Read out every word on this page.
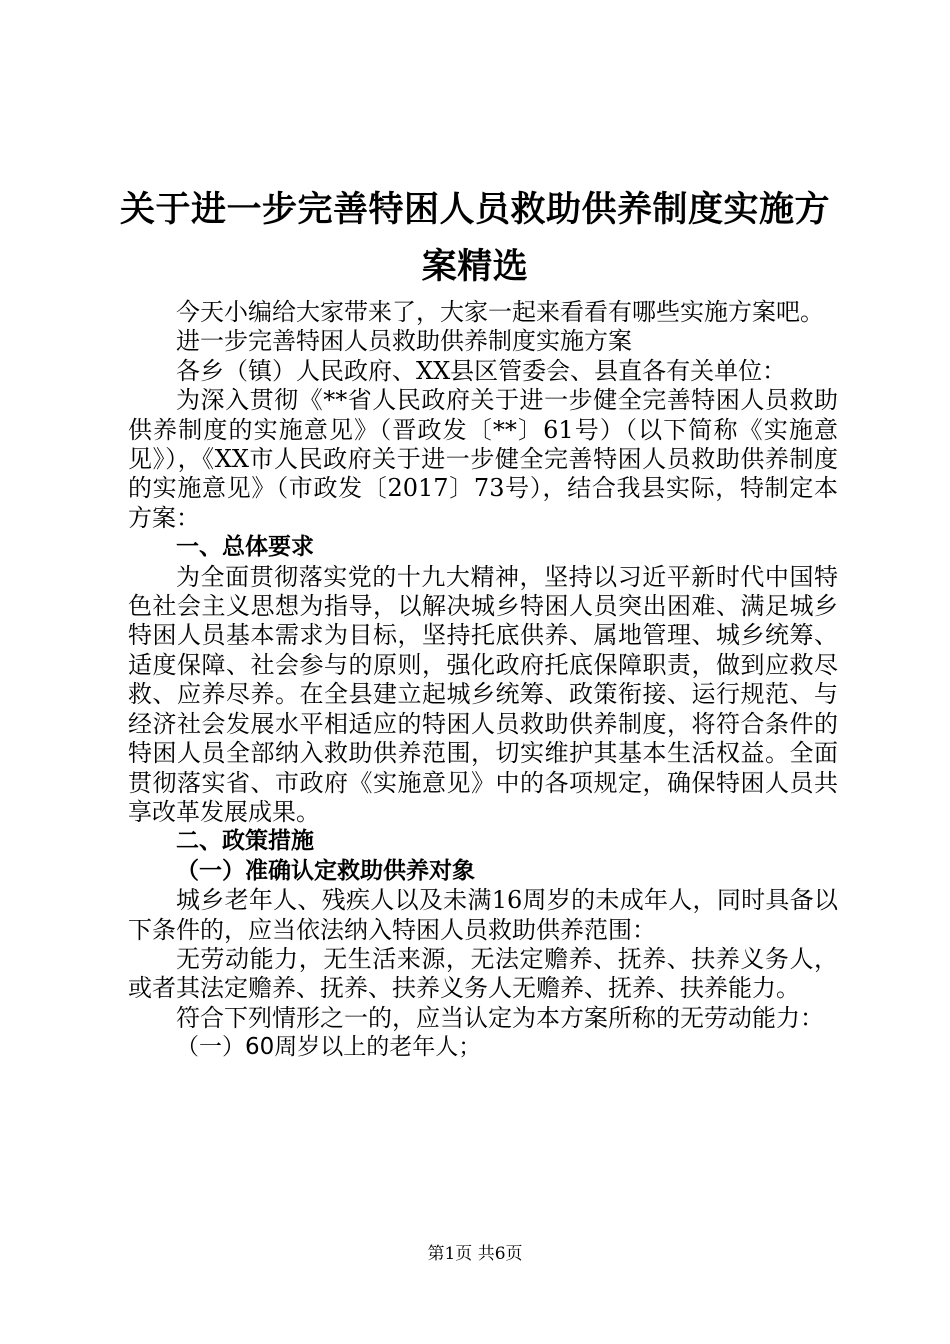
关于进一步完善特困人员救助供养制度实施方
案精选

今天小编给大家带来了，大家一起来看看有哪些实施方案吧。

进一步完善特困人员救助供养制度实施方案

各乡（镇）人民政府、XX县区管委会、县直各有关单位：

为深入贯彻《**省人民政府关于进一步健全完善特困人员救助供养制度的实施意见》（晋政发〔**〕61号）（以下简称《实施意见》），《XX市人民政府关于进一步健全完善特困人员救助供养制度的实施意见》（市政发〔2017〕73号），结合我县实际，特制定本方案：

一、总体要求

为全面贯彻落实党的十九大精神，坚持以习近平新时代中国特色社会主义思想为指导，以解决城乡特困人员突出困难、满足城乡特困人员基本需求为目标，坚持托底供养、属地管理、城乡统筹、适度保障、社会参与的原则，强化政府托底保障职责，做到应救尽救、应养尽养。在全县建立起城乡统筹、政策衔接、运行规范、与经济社会发展水平相适应的特困人员救助供养制度，将符合条件的特困人员全部纳入救助供养范围，切实维护其基本生活权益。全面贯彻落实省、市政府《实施意见》中的各项规定，确保特困人员共享改革发展成果。

二、政策措施

（一）准确认定救助供养对象

城乡老年人、残疾人以及未满16周岁的未成年人，同时具备以下条件的，应当依法纳入特困人员救助供养范围：

无劳动能力，无生活来源，无法定赡养、抚养、扶养义务人，或者其法定赡养、抚养、扶养义务人无赡养、抚养、扶养能力。

符合下列情形之一的，应当认定为本方案所称的无劳动能力：

（一）60周岁以上的老年人；

第1页 共6页
